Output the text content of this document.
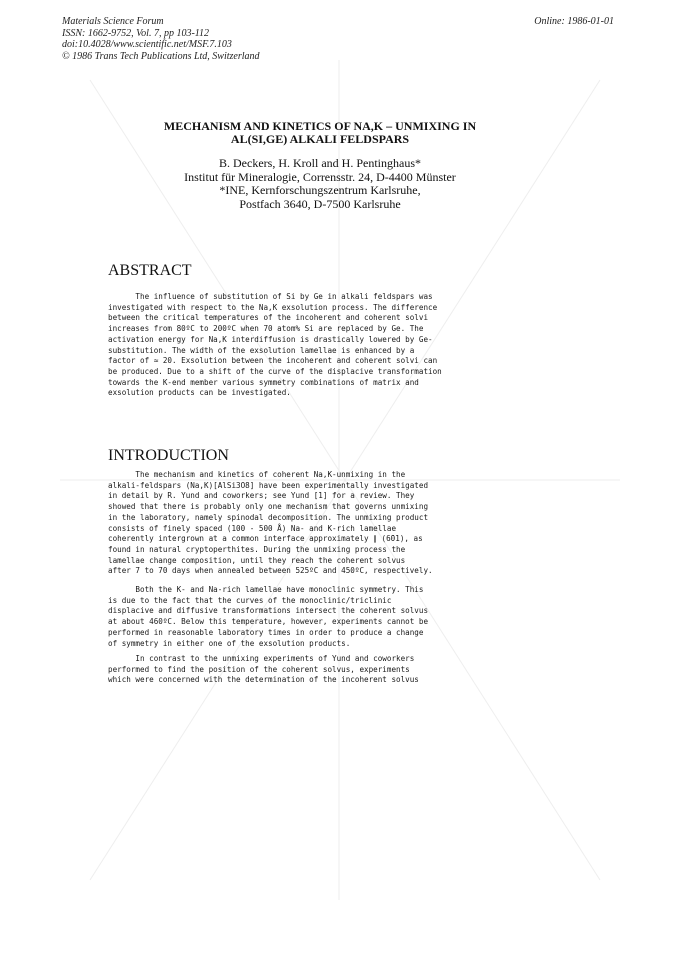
Materials Science Forum
ISSN: 1662-9752, Vol. 7, pp 103-112
doi:10.4028/www.scientific.net/MSF.7.103
© 1986 Trans Tech Publications Ltd, Switzerland
Online: 1986-01-01
MECHANISM AND KINETICS OF NA,K – UNMIXING IN
AL(SI,GE) ALKALI FELDSPARS
B. Deckers, H. Kroll and H. Pentinghaus*
Institut für Mineralogie, Corrensstr. 24, D-4400 Münster
*INE, Kernforschungszentrum Karlsruhe,
Postfach 3640, D-7500 Karlsruhe
ABSTRACT
The influence of substitution of Si by Ge in alkali feldspars was
investigated with respect to the Na,K exsolution process. The difference
between the critical temperatures of the incoherent and coherent solvi
increases from 80ºC to 200ºC when 70 atom% Si are replaced by Ge. The
activation energy for Na,K interdiffusion is drastically lowered by Ge-
substitution. The width of the exsolution lamellae is enhanced by a
factor of ≈ 20. Exsolution between the incoherent and coherent solvi can
be produced. Due to a shift of the curve of the displacive transformation
towards the K-end member various symmetry combinations of matrix and
exsolution products can be investigated.
INTRODUCTION
The mechanism and kinetics of coherent Na,K-unmixing in the
alkali-feldspars (Na,K)[AlSi3O8] have been experimentally investigated
in detail by R. Yund and coworkers; see Yund [1] for a review. They
showed that there is probably only one mechanism that governs unmixing
in the laboratory, namely spinodal decomposition. The unmixing product
consists of finely spaced (100 - 500 Å) Na- and K-rich lamellae
coherently intergrown at a common interface approximately ∥ (6̄01), as
found in natural cryptoperthites. During the unmixing process the
lamellae change composition, until they reach the coherent solvus
after 7 to 70 days when annealed between 525ºC and 450ºC, respectively.
Both the K- and Na-rich lamellae have monoclinic symmetry. This
is due to the fact that the curves of the monoclinic/triclinic
displacive and diffusive transformations intersect the coherent solvus
at about 460ºC. Below this temperature, however, experiments cannot be
performed in reasonable laboratory times in order to produce a change
of symmetry in either one of the exsolution products.
In contrast to the unmixing experiments of Yund and coworkers
performed to find the position of the coherent solvus, experiments
which were concerned with the determination of the incoherent solvus
